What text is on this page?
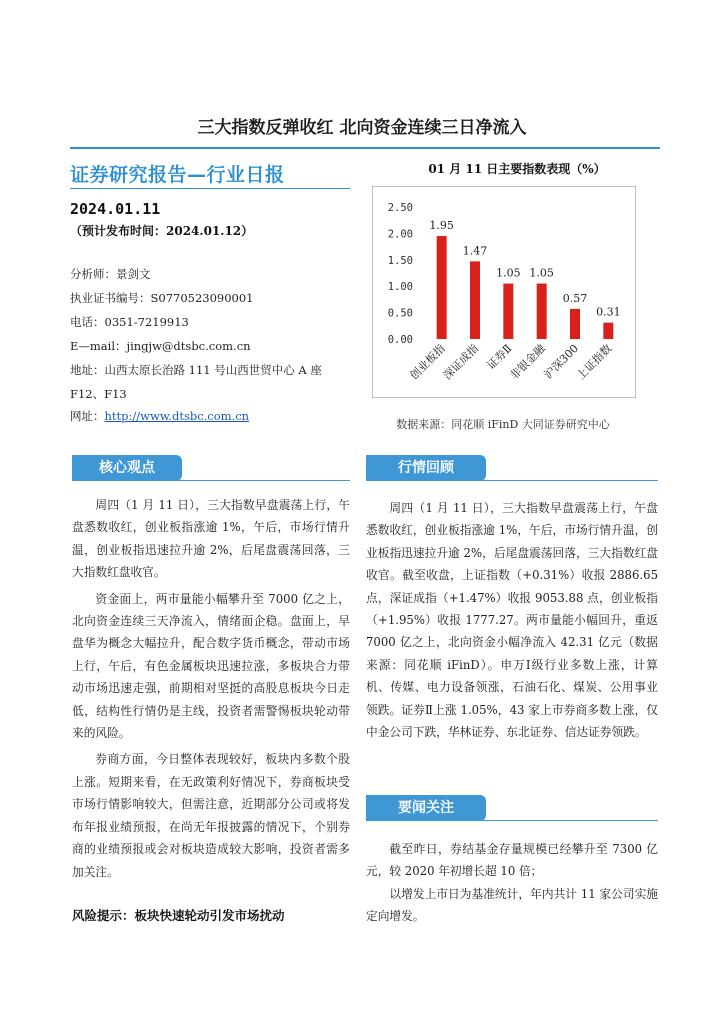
三大指数反弹收红 北向资金连续三日净流入
证券研究报告—行业日报
2024.01.11
（预计发布时间：2024.01.12）
分析师：景剑文
执业证书编号：S0770523090001
电话：0351-7219913
E—mail：jingjw@dtsbc.com.cn
地址：山西太原长治路 111 号山西世贸中心 A 座
F12、F13
网址：http://www.dtsbc.com.cn
01 月 11 日主要指数表现（%）
0.00
0.50
1.00
1.50
2.00
2.50
1.95
创业板指
1.47
深证成指
1.05
证券Ⅱ
1.05
非银金融
0.57
沪深300
0.31
上证指数
数据来源：同花顺 iFinD 大同证券研究中心
核心观点

周四（1 月 11 日），三大指数早盘震荡上行，午盘悉数收红，创业板指涨逾 1%，午后，市场行情升温，创业板指迅速拉升逾 2%，后尾盘震荡回落，三大指数红盘收官。

资金面上，两市量能小幅攀升至 7000 亿之上，北向资金连续三天净流入，情绪面企稳。盘面上，早盘华为概念大幅拉升，配合数字货币概念，带动市场上行，午后，有色金属板块迅速拉涨，多板块合力带动市场迅速走强，前期相对坚挺的高股息板块今日走低，结构性行情仍是主线，投资者需警惕板块轮动带来的风险。

券商方面，今日整体表现较好，板块内多数个股上涨。短期来看，在无政策利好情况下，券商板块受市场行情影响较大，但需注意，近期部分公司或将发布年报业绩预报，在尚无年报披露的情况下，个别券商的业绩预报或会对板块造成较大影响，投资者需多加关注。

风险提示：板块快速轮动引发市场扰动
行情回顾

周四（1 月 11 日），三大指数早盘震荡上行，午盘悉数收红，创业板指涨逾 1%，午后，市场行情升温，创业板指迅速拉升逾 2%，后尾盘震荡回落，三大指数红盘收官。截至收盘，上证指数（+0.31%）收报 2886.65 点，深证成指（+1.47%）收报 9053.88 点，创业板指（+1.95%）收报 1777.27。两市量能小幅回升，重返 7000 亿之上，北向资金小幅净流入 42.31 亿元（数据来源：同花顺 iFinD）。申万Ⅰ级行业多数上涨，计算机、传媒、电力设备领涨，石油石化、煤炭、公用事业领跌。证券Ⅱ上涨 1.05%，43 家上市券商多数上涨，仅中金公司下跌，华林证券、东北证券、信达证券领跌。

要闻关注

截至昨日，券结基金存量规模已经攀升至 7300 亿元，较 2020 年初增长超 10 倍；

以增发上市日为基准统计，年内共计 11 家公司实施定向增发。
